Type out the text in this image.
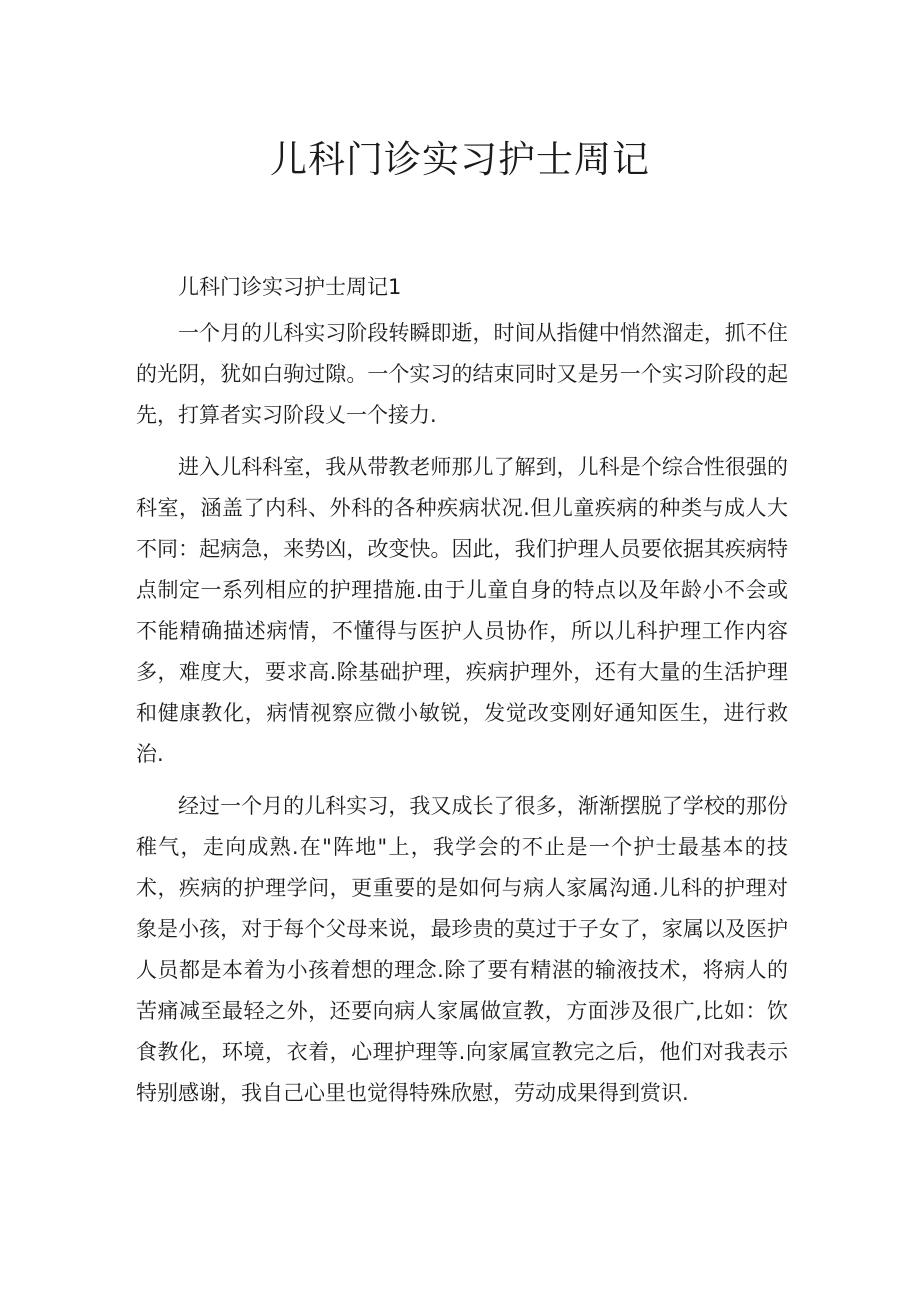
儿科门诊实习护士周记

儿科门诊实习护士周记1

一个月的儿科实习阶段转瞬即逝，时间从指健中悄然溜走，抓不住的光阴，犹如白驹过隙。一个实习的结束同时又是另一个实习阶段的起先，打算者实习阶段乂一个接力.

进入儿科科室，我从带教老师那儿了解到，儿科是个综合性很强的科室，涵盖了内科、外科的各种疾病状况.但儿童疾病的种类与成人大不同：起病急，来势凶，改变快。因此，我们护理人员要依据其疾病特点制定一系列相应的护理措施.由于儿童自身的特点以及年龄小不会或不能精确描述病情，不懂得与医护人员协作，所以儿科护理工作内容多，难度大，要求高.除基础护理，疾病护理外，还有大量的生活护理和健康教化，病情视察应微小敏锐，发觉改变刚好通知医生，进行救治.

经过一个月的儿科实习，我又成长了很多，渐渐摆脱了学校的那份稚气，走向成熟.在"阵地"上，我学会的不止是一个护士最基本的技术，疾病的护理学问，更重要的是如何与病人家属沟通.儿科的护理对象是小孩，对于每个父母来说，最珍贵的莫过于子女了，家属以及医护人员都是本着为小孩着想的理念.除了要有精湛的输液技术，将病人的苦痛减至最轻之外，还要向病人家属做宣教，方面涉及很广,比如：饮食教化，环境，衣着，心理护理等.向家属宣教完之后，他们对我表示特别感谢，我自己心里也觉得特殊欣慰，劳动成果得到赏识.
